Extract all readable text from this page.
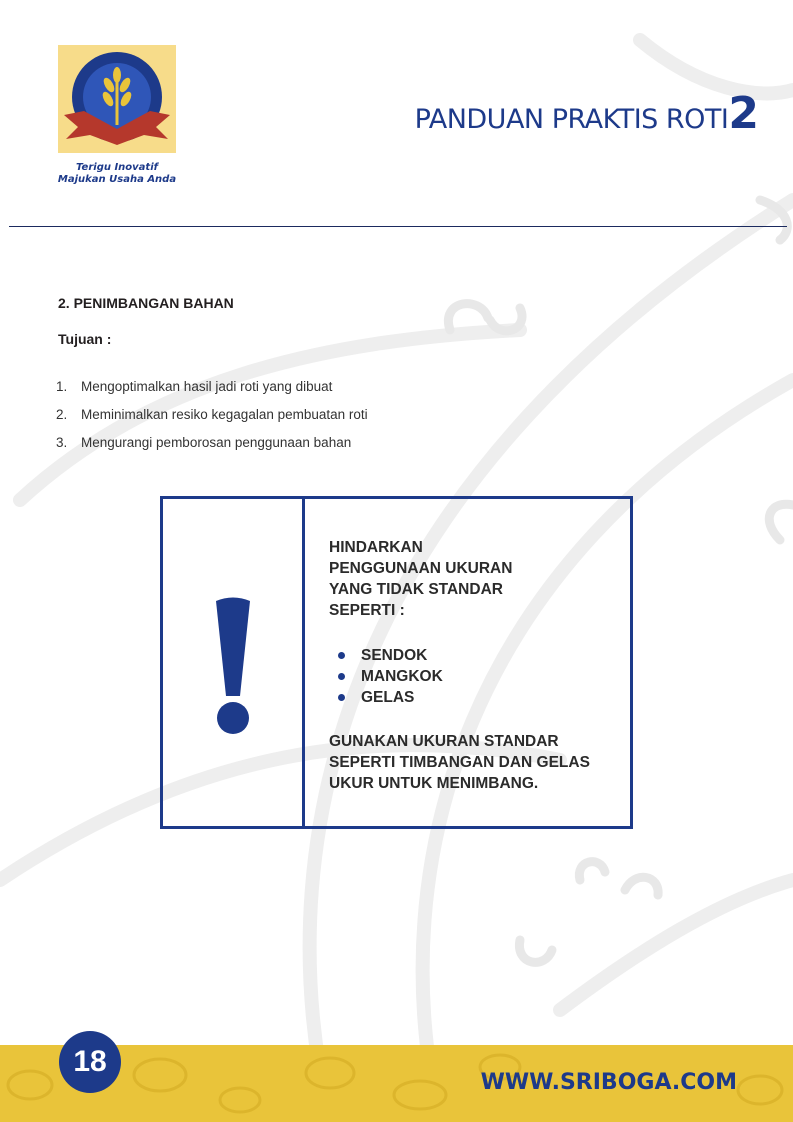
Terigu Inovatif
Majukan Usaha Anda
PANDUAN PRAKTIS ROTI2
2. PENIMBANGAN BAHAN
Tujuan :
1. Mengoptimalkan hasil jadi roti yang dibuat
2. Meminimalkan resiko kegagalan pembuatan roti
3. Mengurangi pemborosan penggunaan bahan
HINDARKAN
PENGGUNAAN UKURAN
YANG TIDAK STANDAR
SEPERTI :
SENDOK
MANGKOK
GELAS
GUNAKAN UKURAN STANDAR
SEPERTI TIMBANGAN DAN GELAS
UKUR UNTUK MENIMBANG.
18
WWW.SRIBOGA.COM
